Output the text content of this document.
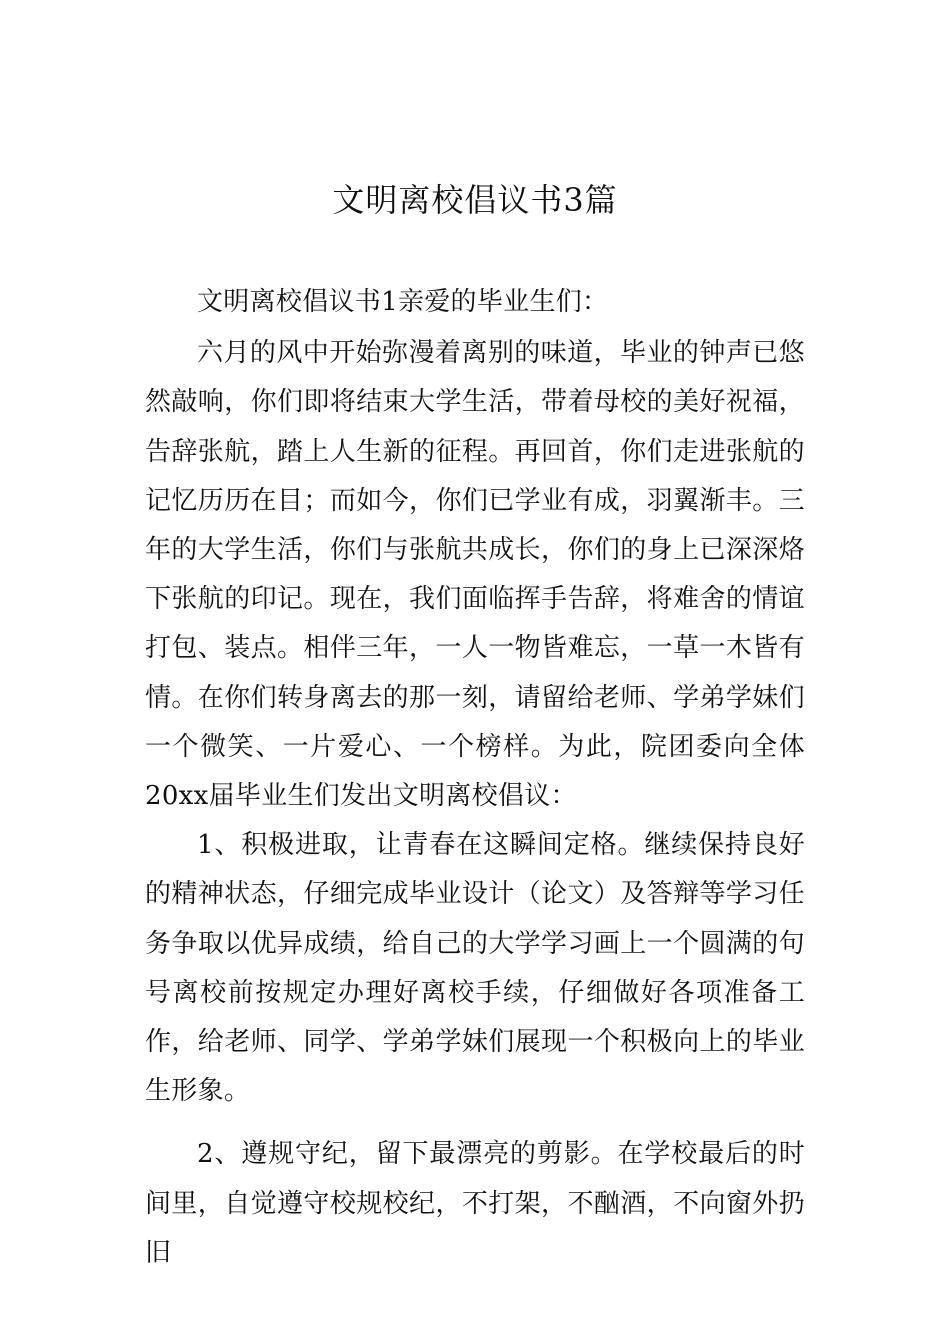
文明离校倡议书3篇

文明离校倡议书1亲爱的毕业生们：

六月的风中开始弥漫着离别的味道，毕业的钟声已悠然敲响，你们即将结束大学生活，带着母校的美好祝福，告辞张航，踏上人生新的征程。再回首，你们走进张航的记忆历历在目；而如今，你们已学业有成，羽翼渐丰。三年的大学生活，你们与张航共成长，你们的身上已深深烙下张航的印记。现在，我们面临挥手告辞，将难舍的情谊打包、装点。相伴三年，一人一物皆难忘，一草一木皆有情。在你们转身离去的那一刻，请留给老师、学弟学妹们一个微笑、一片爱心、一个榜样。为此，院团委向全体20xx届毕业生们发出文明离校倡议：

1、积极进取，让青春在这瞬间定格。继续保持良好的精神状态，仔细完成毕业设计（论文）及答辩等学习任务争取以优异成绩，给自己的大学学习画上一个圆满的句号离校前按规定办理好离校手续，仔细做好各项准备工作，给老师、同学、学弟学妹们展现一个积极向上的毕业生形象。

2、遵规守纪，留下最漂亮的剪影。在学校最后的时间里，自觉遵守校规校纪，不打架，不酗酒，不向窗外扔旧
